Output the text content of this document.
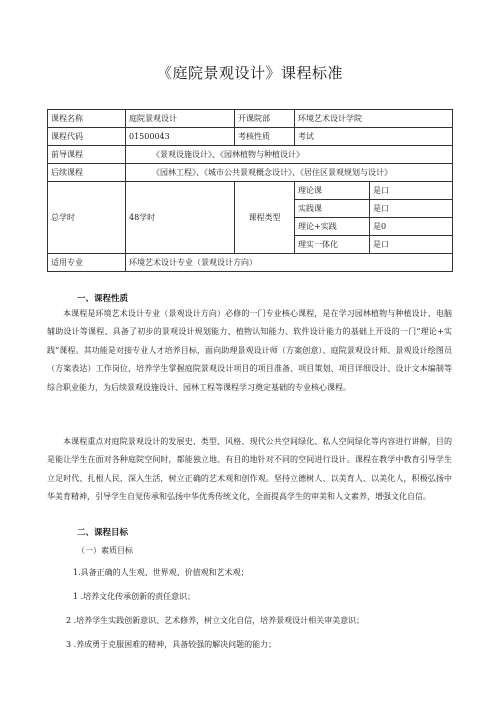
《庭院景观设计》课程标准
课程名称	庭院景观设计	开课院部	环境艺术设计学院	
课程代码	01500043	考核性质	考试	
前导课程	《景观设施设计》、《园林植物与种植设计》			
后续课程	《园林工程》、《城市公共景观概念设计》、《居住区景观规划与设计》			
总学时	48学时	课程类型	理论课	是口
			实践课	是口
			理论+实践	是0
			理实一体化	是口
适用专业	环境艺术设计专业（景观设计方向）			
一、课程性质

本课程是环境艺术设计专业（景观设计方向）必修的一门专业核心课程，是在学习园林植物与种植设计、电脑辅助设计等课程、具备了初步的景观设计规划能力、植物认知能力、软件设计能力的基础上开设的一门“理论+实践”课程。其功能是对接专业人才培养目标，面向助理景观设计师（方案创意）、庭院景观设计师、景观设计绘图员（方案表达）工作岗位，培养学生掌握庭院景观设计项目的项目准备、项目策划、项目详细设计、设计文本编制等综合职业能力，为后续景观设施设计、园林工程等课程学习奠定基础的专业核心课程。

本课程重点对庭院景观设计的发展史、类型、风格、现代公共空间绿化、私人空间绿化等内容进行讲解，目的是能让学生在面对各种庭院空间时，都能独立地、有目的地针对不同的空间进行设计。课程在教学中教育引导学生立足时代、扎根人民、深入生活，树立正确的艺术观和创作观。坚持立德树人、以美育人、以美化人，积极弘扬中华美育精神，引导学生自觉传承和弘扬中华优秀传统文化，全面提高学生的审美和人文素养，增强文化自信。

二、课程目标
（一）素质目标
1.具备正确的人生观、世界观、价值观和艺术观；
1 .培养文化传承创新的责任意识；
2 .培养学生实践创新意识、艺术修养，树立文化自信，培养景观设计相关审美意识；
3 .养成勇于克服困难的精神，具备较强的解决问题的能力；
